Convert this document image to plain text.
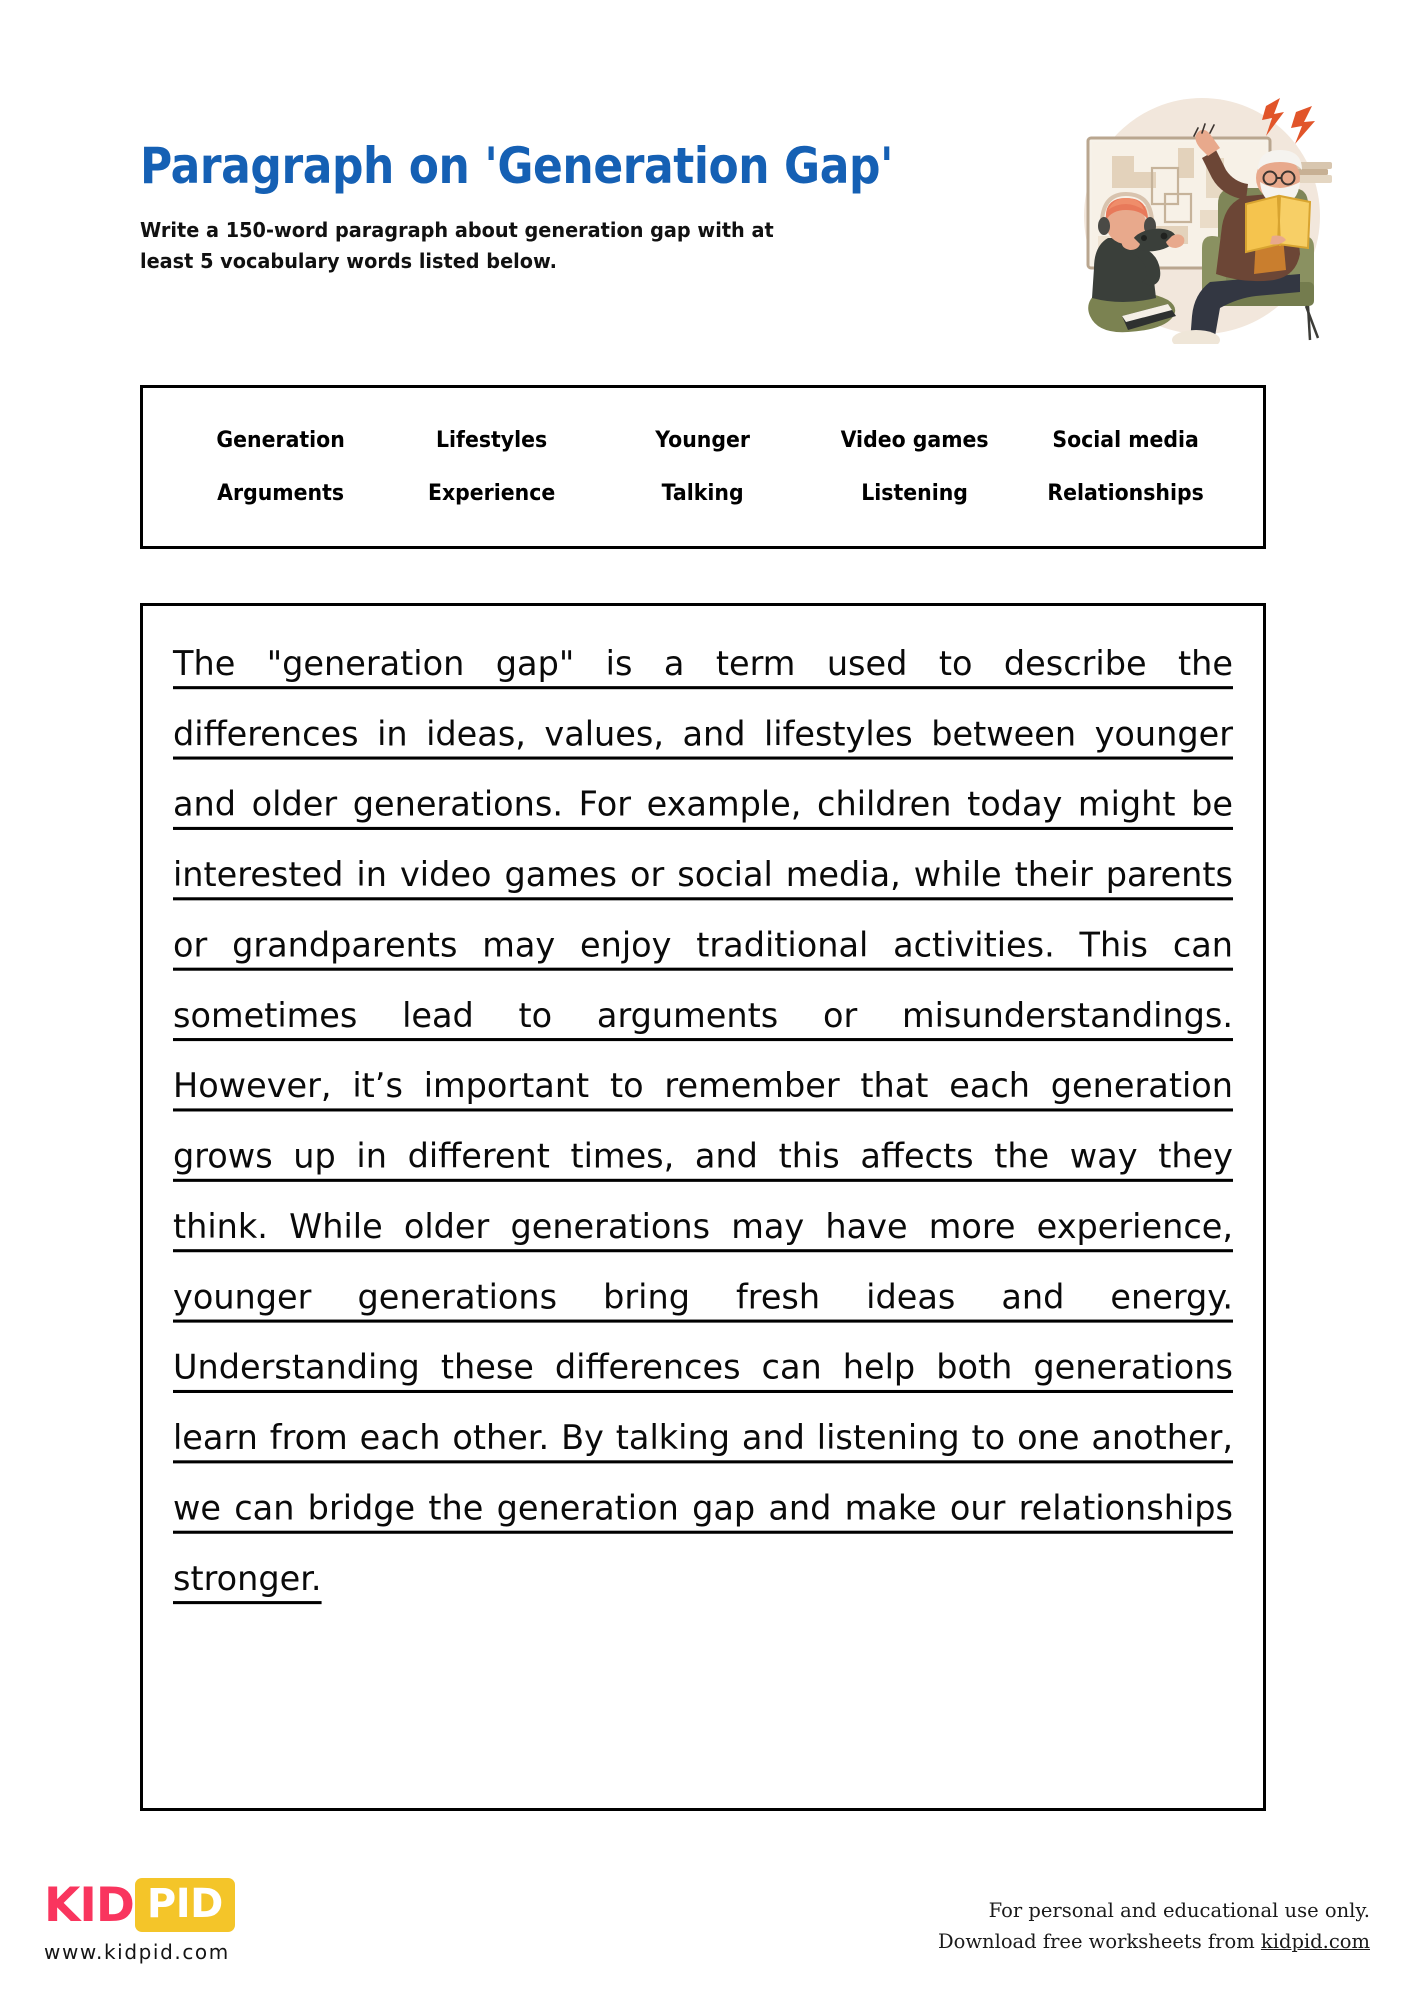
Paragraph on 'Generation Gap'
Write a 150-word paragraph about generation gap with at least 5 vocabulary words listed below.
Generation	Lifestyles	Younger	Video games	Social media
Arguments	Experience	Talking	Listening	Relationships
The "generation gap" is a term used to describe the differences in ideas, values, and lifestyles between younger and older generations. For example, children today might be interested in video games or social media, while their parents or grandparents may enjoy traditional activities. This can sometimes lead to arguments or misunderstandings. However, it’s important to remember that each generation grows up in different times, and this affects the way they think. While older generations may have more experience, younger generations bring fresh ideas and energy. Understanding these differences can help both generations learn from each other. By talking and listening to one another, we can bridge the generation gap and make our relationships stronger.
KID PID
www.kidpid.com
For personal and educational use only.
Download free worksheets from kidpid.com
